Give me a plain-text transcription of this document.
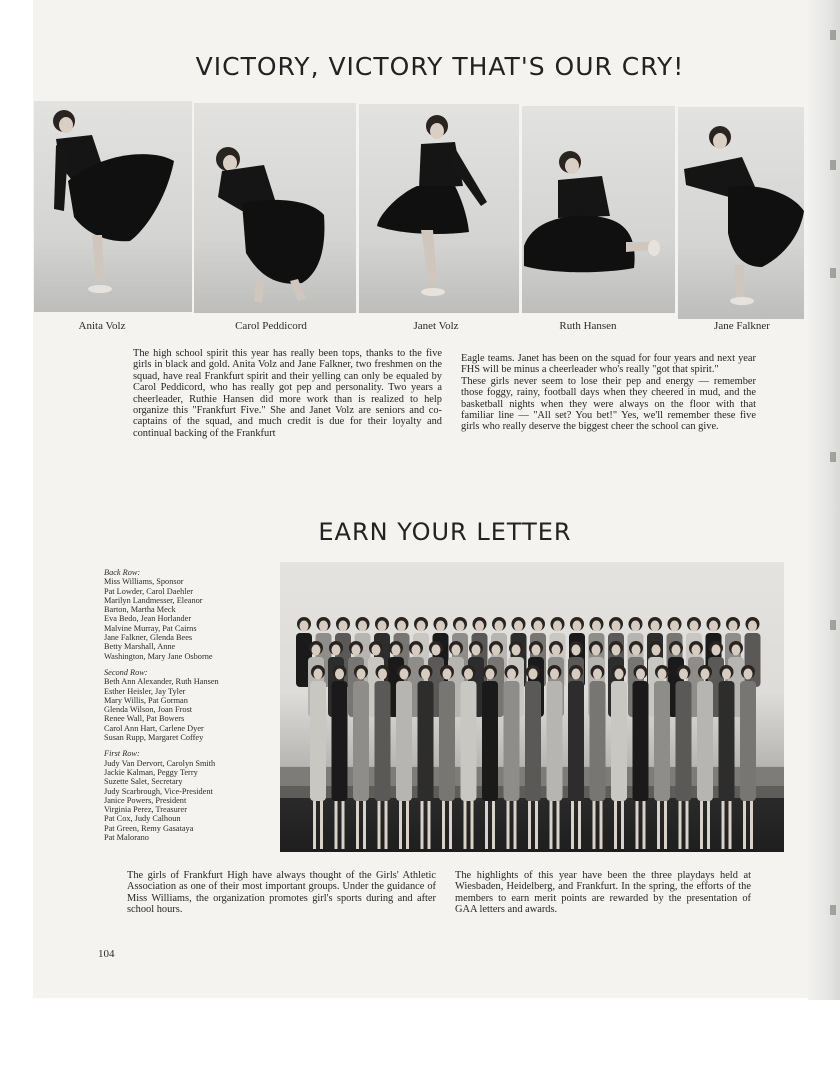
VICTORY, VICTORY THAT'S OUR CRY!
Anita Volz	Carol Peddicord	Janet Volz	Ruth Hansen	Jane Falkner

The high school spirit this year has really been tops, thanks to the five girls in black and gold. Anita Volz and Jane Falkner, two freshmen on the squad, have real Frankfurt spirit and their yelling can only be equaled by Carol Peddicord, who has really got pep and personality. Two years a cheerleader, Ruthie Hansen did more work than is realized to help organize this "Frankfurt Five." She and Janet Volz are seniors and co-captains of the squad, and much credit is due for their loyalty and continual backing of the Frankfurt

Eagle teams. Janet has been on the squad for four years and next year FHS will be minus a cheerleader who's really "got that spirit."

These girls never seem to lose their pep and energy — remember those foggy, rainy, football days when they cheered in mud, and the basketball nights when they were always on the floor with that familiar line — "All set? You bet!" Yes, we'll remember these five girls who really deserve the biggest cheer the school can give.

EARN YOUR LETTER
Back Row:
Miss Williams, Sponsor
Pat Lowder, Carol Daehler
Marilyn Landmesser, Eleanor
Barton, Martha Meck
Eva Bedo, Jean Horlander
Malvine Murray, Pat Cairns
Jane Falkner, Glenda Bees
Betty Marshall, Anne
Washington, Mary Jane Osborne
Second Row:
Beth Ann Alexander, Ruth Hansen
Esther Heisler, Jay Tyler
Mary Willis, Pat Gorman
Glenda Wilson, Joan Frost
Renee Wall, Pat Bowers
Carol Ann Hart, Carlene Dyer
Susan Rupp, Margaret Coffey
First Row:
Judy Van Dervort, Carolyn Smith
Jackie Kalman, Peggy Terry
Suzette Salet, Secretary
Judy Scarbrough, Vice-President
Janice Powers, President
Virginia Perez, Treasurer
Pat Cox, Judy Calhoun
Pat Green, Remy Gasataya
Pat Malorano

The girls of Frankfurt High have always thought of the Girls' Athletic Association as one of their most important groups. Under the guidance of Miss Williams, the organization promotes girl's sports during and after school hours.

The highlights of this year have been the three playdays held at Wiesbaden, Heidelberg, and Frankfurt. In the spring, the efforts of the members to earn merit points are rewarded by the presentation of GAA letters and awards.

104
